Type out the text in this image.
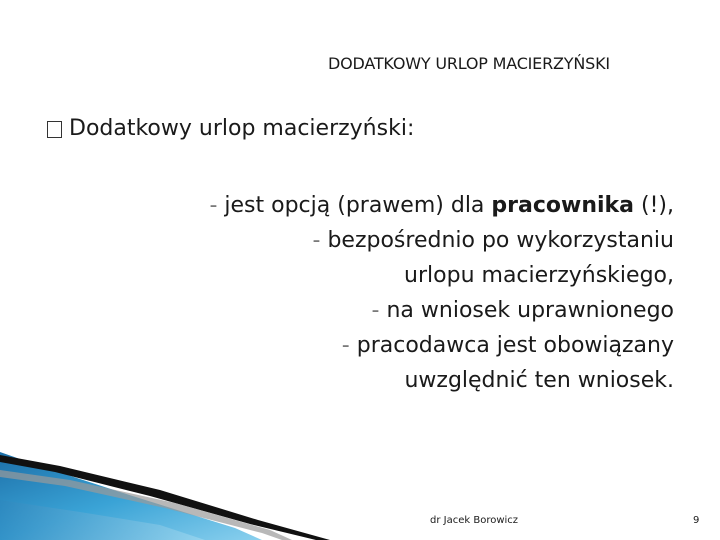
DODATKOWY URLOP MACIERZYŃSKI
Dodatkowy urlop macierzyński:
- jest opcją (prawem) dla pracownika (!),
- bezpośrednio po wykorzystaniu
urlopu macierzyńskiego,
- na wniosek uprawnionego
- pracodawca jest obowiązany
uwzględnić ten wniosek.
dr Jacek Borowicz	9
